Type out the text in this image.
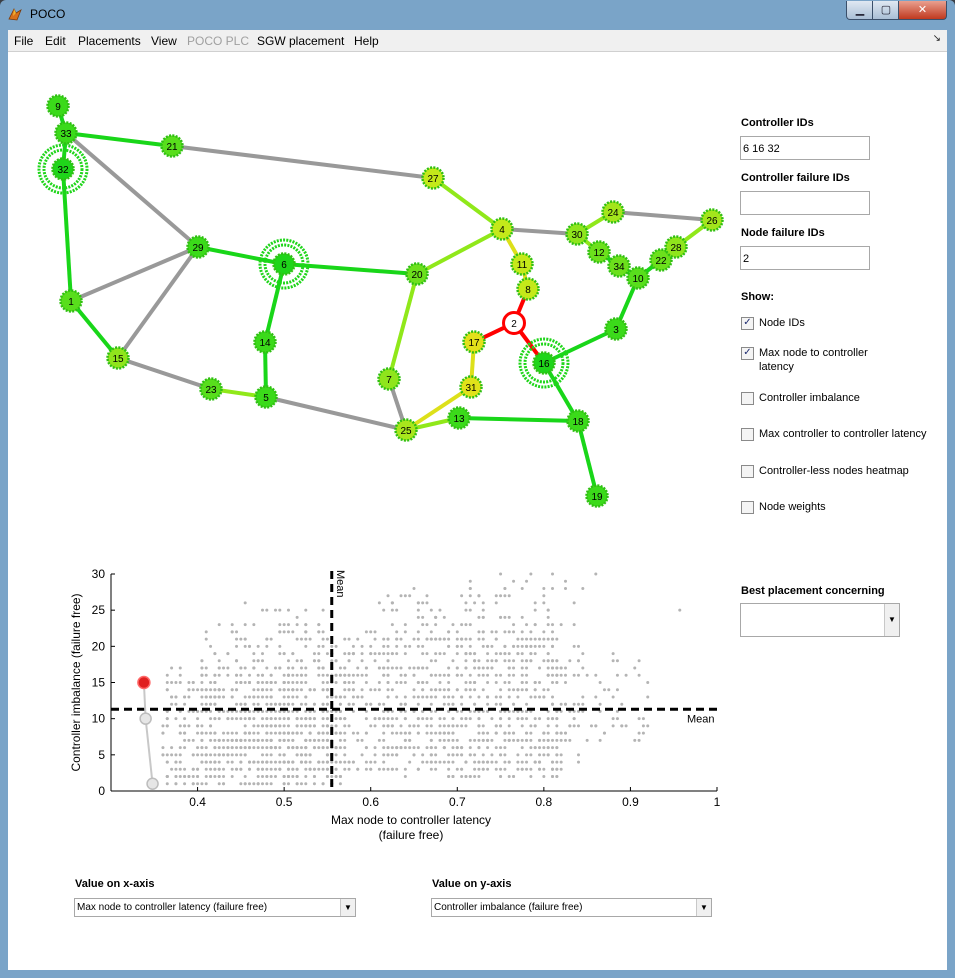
POCO	▁	▢	✕
File Edit Placements View POCO PLC SGW placement Help	↘
1
2
3
4
5
6
7
8
9
10
11
12
13
14
15	16
17
18
19
20
21
22
23
24
25
26
27
28
29
30
31
32
33
34
Controller IDs
6 16 32
Controller failure IDs
Node failure IDs
2
Show:
✓ Node IDs
✓ Max node to controller latency
Controller imbalance
Max controller to controller latency
Controller-less nodes heatmap
Node weights
Best placement concerning
▼
0.4	0.5	0.6	0.7	0.8	0.9	1
0
5
10
15
20
25
30	Mean
Mean
Max node to controller latency
(failure free)
Controller imbalance (failure free)
Value on x-axis
Max node to controller latency (failure free)	▼
Value on y-axis
Controller imbalance (failure free)	▼
